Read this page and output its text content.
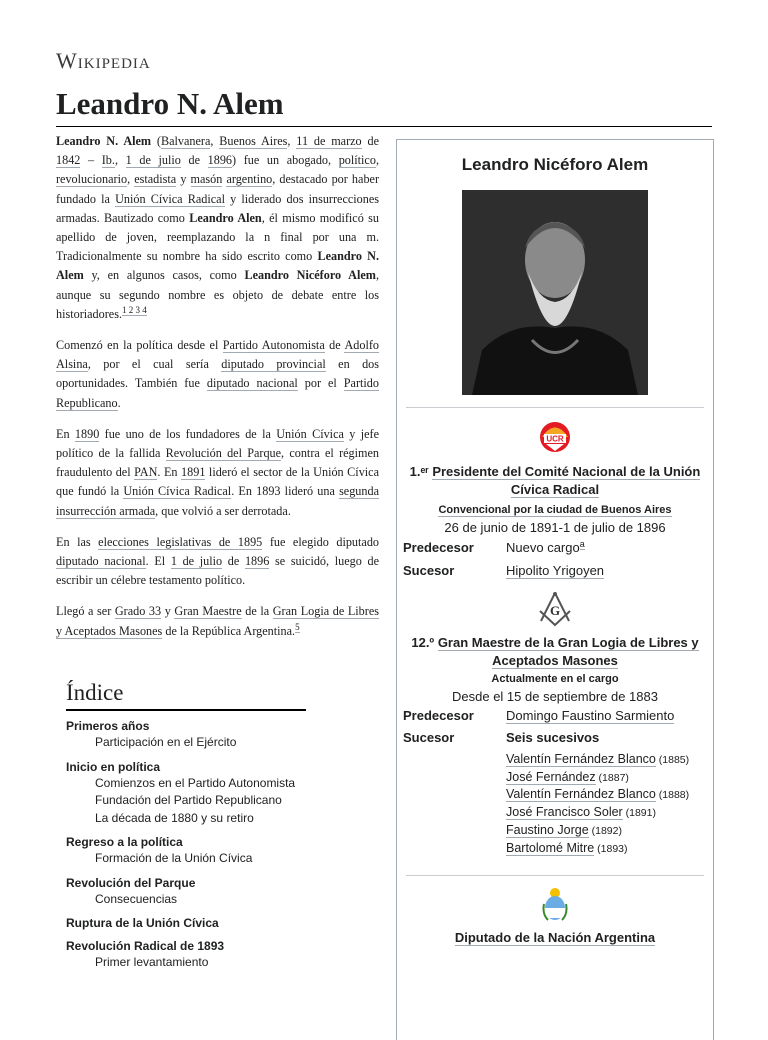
Wikipedia
Leandro N. Alem

Leandro N. Alem (Balvanera, Buenos Aires, 11 de marzo de 1842 – Ib., 1 de julio de 1896) fue un abogado, político, revolucionario, estadista y masón argentino, destacado por haber fundado la Unión Cívica Radical y liderado dos insurrecciones armadas. Bautizado como Leandro Alen, él mismo modificó su apellido de joven, reemplazando la n final por una m. Tradicionalmente su nombre ha sido escrito como Leandro N. Alem y, en algunos casos, como Leandro Nicéforo Alem, aunque su segundo nombre es objeto de debate entre los historiadores.$^{1 2 3 4}$

Comenzó en la política desde el Partido Autonomista de Adolfo Alsina, por el cual sería diputado provincial en dos oportunidades. También fue diputado nacional por el Partido Republicano.

En 1890 fue uno de los fundadores de la Unión Cívica y jefe político de la fallida Revolución del Parque, contra el régimen fraudulento del PAN. En 1891 lideró el sector de la Unión Cívica que fundó la Unión Cívica Radical. En 1893 lideró una segunda insurrección armada, que volvió a ser derrotada.

En las elecciones legislativas de 1895 fue elegido diputado diputado nacional. El 1 de julio de 1896 se suicidó, luego de escribir un célebre testamento político.

Llegó a ser Grado 33 y Gran Maestre de la Gran Logia de Libres y Aceptados Masones de la República Argentina.$^5$

Índice
Primeros años
Participación en el Ejército
Inicio en política
Comienzos en el Partido Autonomista
Fundación del Partido Republicano
La década de 1880 y su retiro
Regreso a la política
Formación de la Unión Cívica
Revolución del Parque
Consecuencias
Ruptura de la Unión Cívica
Revolución Radical de 1893
Primer levantamiento
Leandro Nicéforo Alem
UCR
1.ᵉʳ Presidente del Comité Nacional de la Unión Cívica Radical
Convencional por la ciudad de Buenos Aires
26 de junio de 1891-1 de julio de 1896
Predecesor	Nuevo cargo$^a$
Sucesor	Hipolito Yrigoyen
G
12.º Gran Maestre de la Gran Logia de Libres y Aceptados Masones
Actualmente en el cargo
Desde el 15 de septiembre de 1883
Predecesor	Domingo Faustino Sarmiento
Sucesor	Seis sucesivos
Valentín Fernández Blanco (1885)
José Fernández (1887)
Valentín Fernández Blanco (1888)
José Francisco Soler (1891)
Faustino Jorge (1892)
Bartolomé Mitre (1893)
Diputado de la Nación Argentina
